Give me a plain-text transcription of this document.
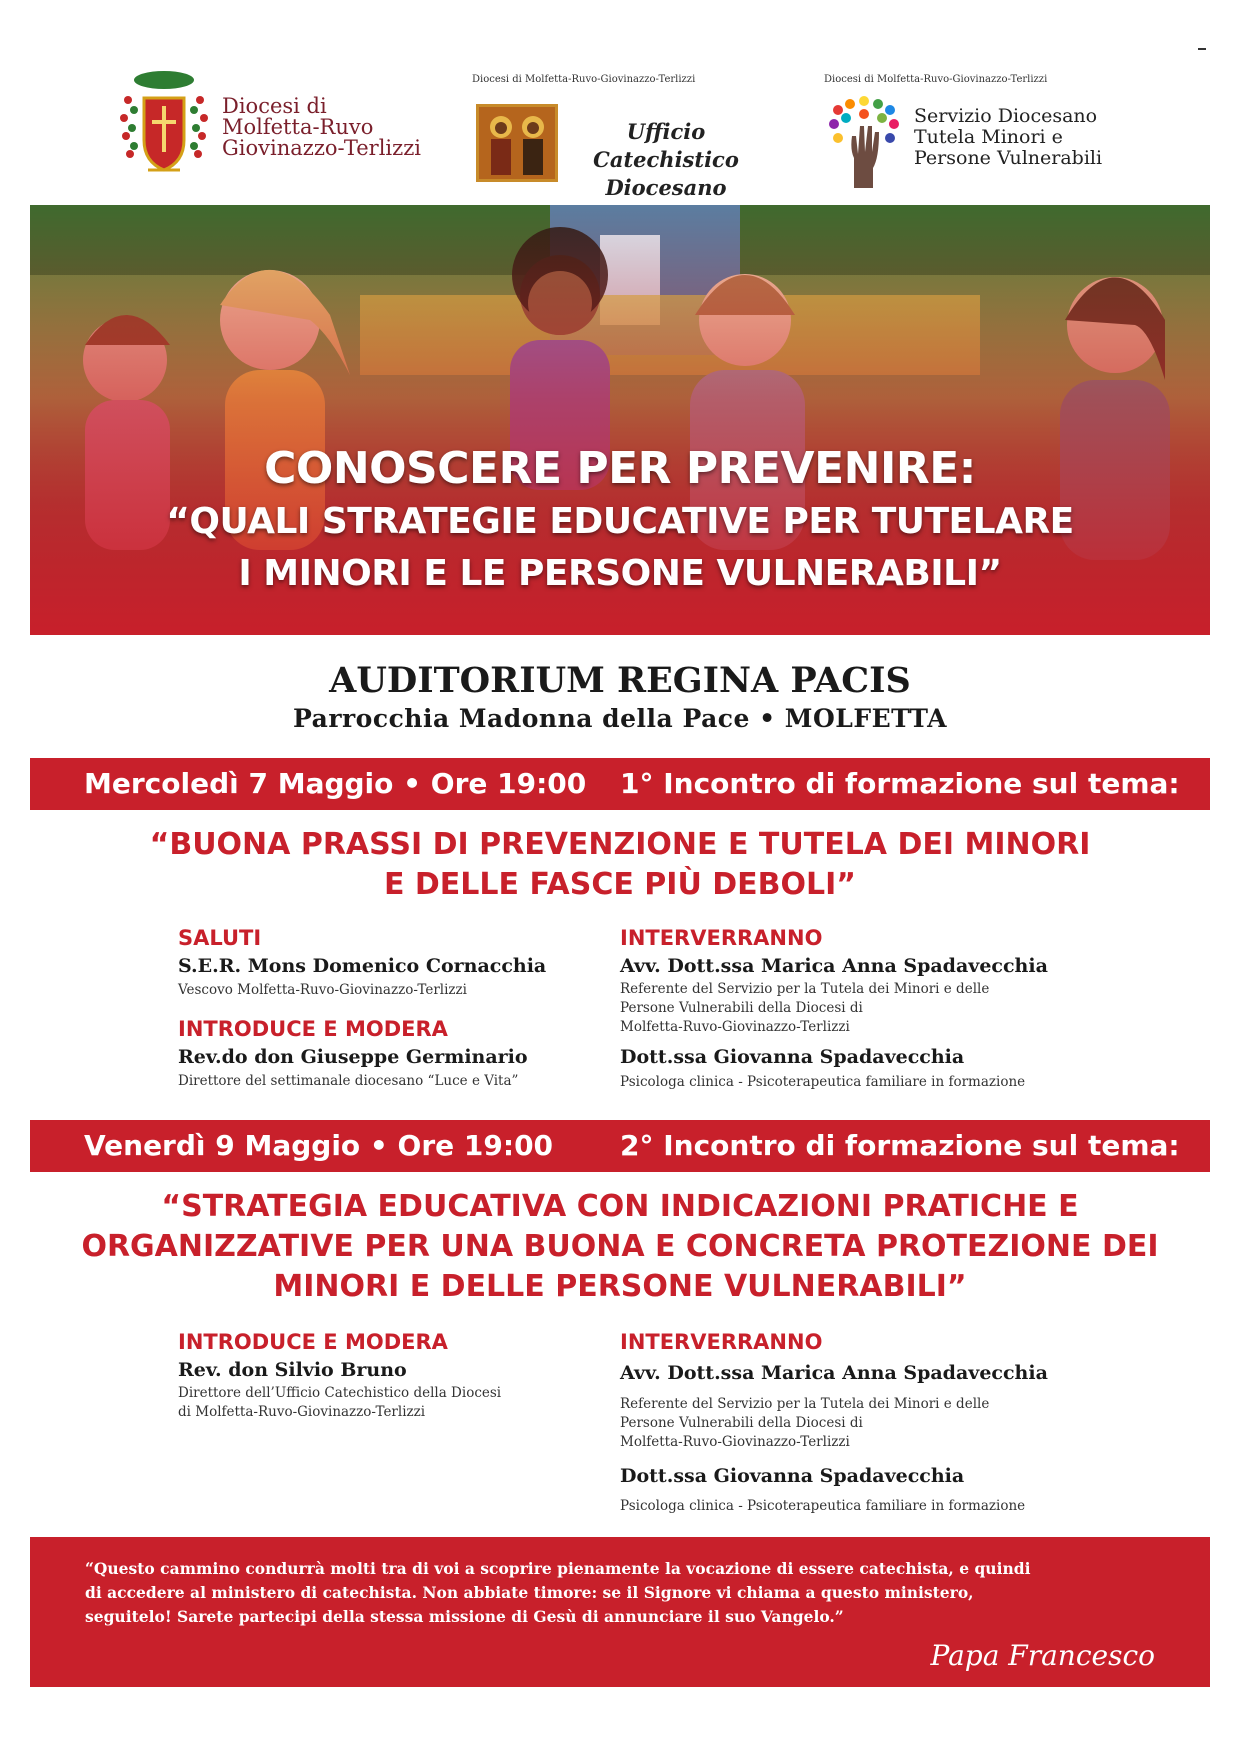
Diocesi di
Molfetta-Ruvo
Giovinazzo-Terlizzi
Diocesi di Molfetta-Ruvo-Giovinazzo-Terlizzi
Ufficio Catechistico
Diocesano
Diocesi di Molfetta-Ruvo-Giovinazzo-Terlizzi
Servizio Diocesano
Tutela Minori e
Persone Vulnerabili
CONOSCERE PER PREVENIRE:
“QUALI STRATEGIE EDUCATIVE PER TUTELARE
I MINORI E LE PERSONE VULNERABILI”
AUDITORIUM REGINA PACIS
Parrocchia Madonna della Pace • MOLFETTA
Mercoledì 7 Maggio • Ore 19:00 1° Incontro di formazione sul tema:
“BUONA PRASSI DI PREVENZIONE E TUTELA DEI MINORI
E DELLE FASCE PIÙ DEBOLI”
SALUTI
S.E.R. Mons Domenico Cornacchia
Vescovo Molfetta-Ruvo-Giovinazzo-Terlizzi
INTRODUCE E MODERA
Rev.do don Giuseppe Germinario
Direttore del settimanale diocesano “Luce e Vita”
INTERVERRANNO
Avv. Dott.ssa Marica Anna Spadavecchia
Referente del Servizio per la Tutela dei Minori e delle
Persone Vulnerabili della Diocesi di
Molfetta-Ruvo-Giovinazzo-Terlizzi
Dott.ssa Giovanna Spadavecchia
Psicologa clinica - Psicoterapeutica familiare in formazione
Venerdì 9 Maggio • Ore 19:00 2° Incontro di formazione sul tema:
“STRATEGIA EDUCATIVA CON INDICAZIONI PRATICHE E
ORGANIZZATIVE PER UNA BUONA E CONCRETA PROTEZIONE DEI
MINORI E DELLE PERSONE VULNERABILI”
INTRODUCE E MODERA
Rev. don Silvio Bruno
Direttore dell’Ufficio Catechistico della Diocesi
di Molfetta-Ruvo-Giovinazzo-Terlizzi
INTERVERRANNO
Avv. Dott.ssa Marica Anna Spadavecchia
Referente del Servizio per la Tutela dei Minori e delle
Persone Vulnerabili della Diocesi di
Molfetta-Ruvo-Giovinazzo-Terlizzi
Dott.ssa Giovanna Spadavecchia
Psicologa clinica - Psicoterapeutica familiare in formazione
“Questo cammino condurrà molti tra di voi a scoprire pienamente la vocazione di essere catechista, e quindi
di accedere al ministero di catechista. Non abbiate timore: se il Signore vi chiama a questo ministero,
seguitelo! Sarete partecipi della stessa missione di Gesù di annunciare il suo Vangelo.”
Papa Francesco
